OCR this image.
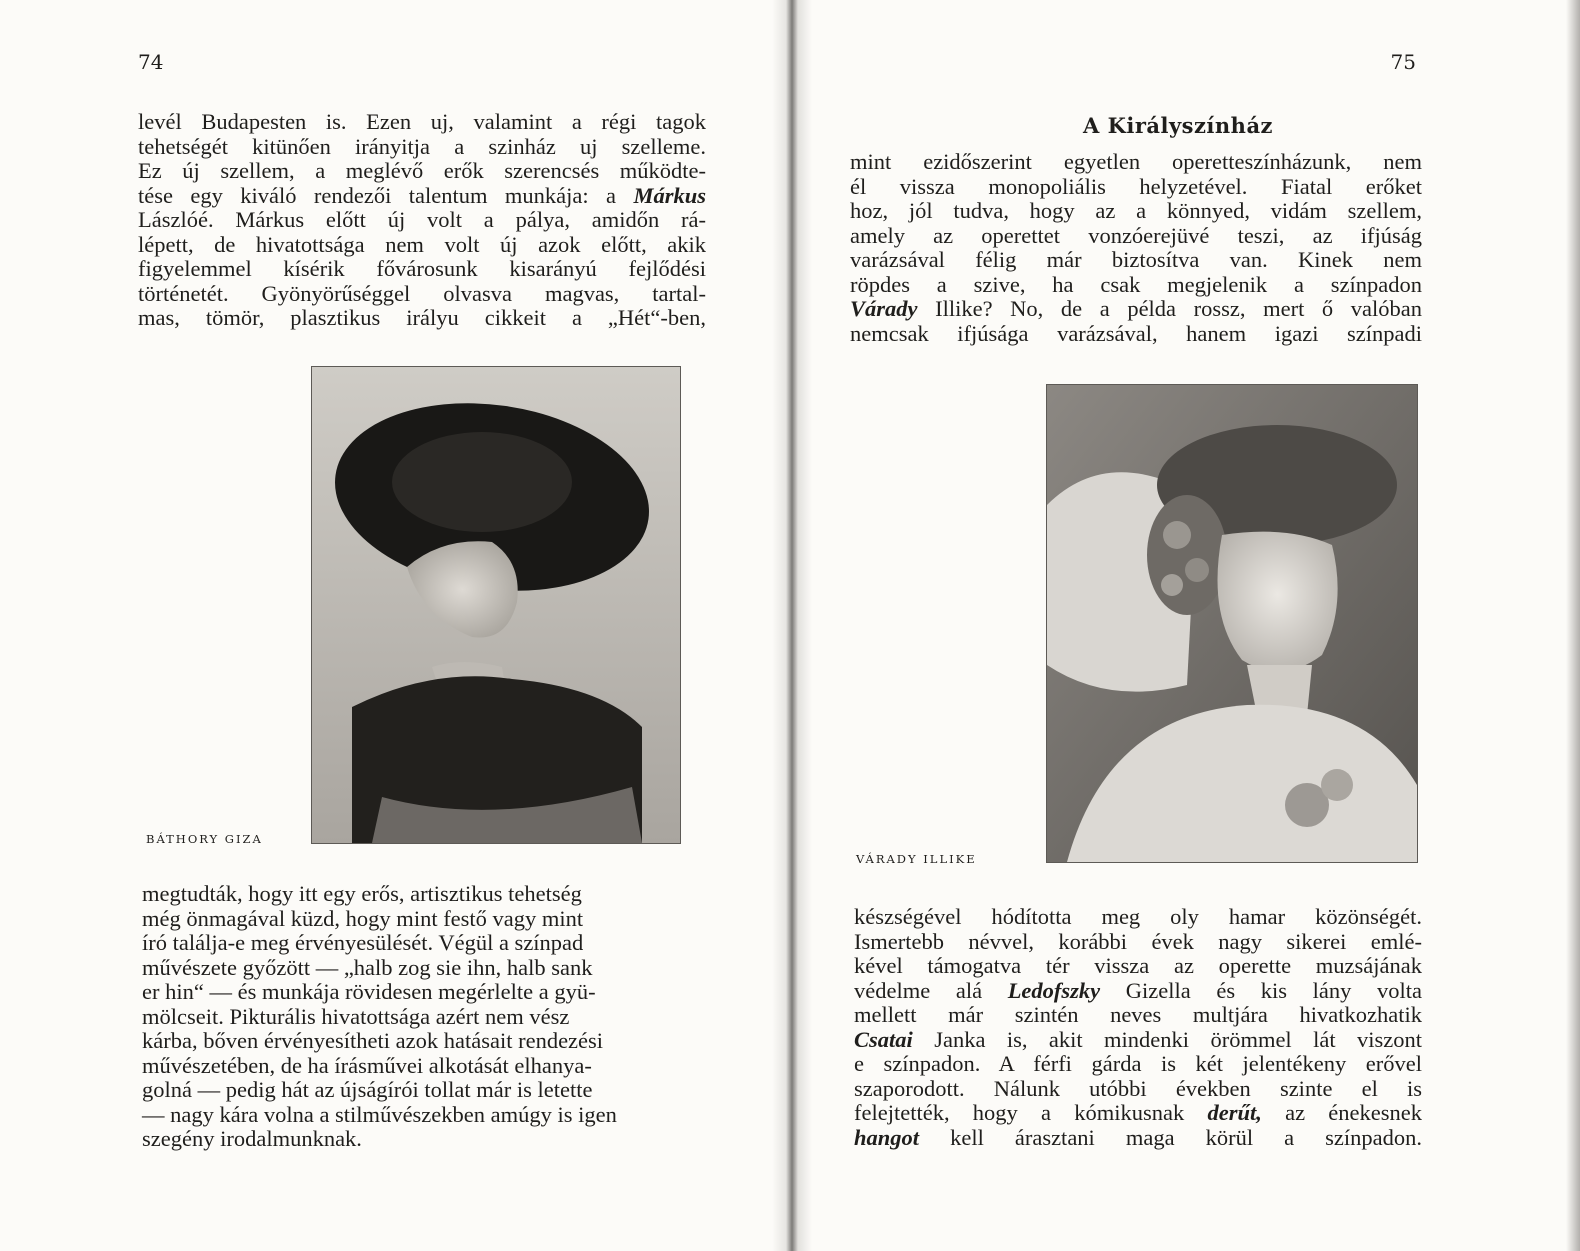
74
levél Budapesten is. Ezen uj, valamint a régi tagok
tehetségét kitünően irányitja a szinház uj szelleme.
Ez új szellem, a meglévő erők szerencsés működte-
tése egy kiváló rendezői talentum munkája: a Márkus
Lászlóé. Márkus előtt új volt a pálya, amidőn rá-
lépett, de hivatottsága nem volt új azok előtt, akik
figyelemmel kísérik fővárosunk kisarányú fejlődési
történetét. Gyönyörűséggel olvasva magvas, tartal-
mas, tömör, plasztikus irályu cikkeit a „Hét“-ben,
BÁTHORY GIZA
megtudták, hogy itt egy erős, artisztikus tehetség
még önmagával küzd, hogy mint festő vagy mint
író találja-e meg érvényesülését. Végül a színpad
művészete győzött — „halb zog sie ihn, halb sank
er hin“ — és munkája rövidesen megérlelte a gyü-
mölcseit. Pikturális hivatottsága azért nem vész
kárba, bőven érvényesítheti azok hatásait rendezési
művészetében, de ha írásművei alkotását elhanya-
golná — pedig hát az újságírói tollat már is letette
— nagy kára volna a stilművészekben amúgy is igen
szegény irodalmunknak.
75
A Királyszínház
mint ezidőszerint egyetlen operetteszínházunk, nem
él vissza monopoliális helyzetével. Fiatal erőket
hoz, jól tudva, hogy az a könnyed, vidám szellem,
amely az operettet vonzóerejüvé teszi, az ifjúság
varázsával félig már biztosítva van. Kinek nem
röpdes a szive, ha csak megjelenik a színpadon
Várady Illike? No, de a példa rossz, mert ő valóban
nemcsak ifjúsága varázsával, hanem igazi színpadi
VÁRADY ILLIKE
készségével hódította meg oly hamar közönségét.
Ismertebb névvel, korábbi évek nagy sikerei emlé-
kével támogatva tér vissza az operette muzsájának
védelme alá Ledofszky Gizella és kis lány volta
mellett már szintén neves multjára hivatkozhatik
Csatai Janka is, akit mindenki örömmel lát viszont
e színpadon. A férfi gárda is két jelentékeny erővel
szaporodott. Nálunk utóbbi években szinte el is
felejtették, hogy a kómikusnak derűt, az énekesnek
hangot kell árasztani maga körül a színpadon.
